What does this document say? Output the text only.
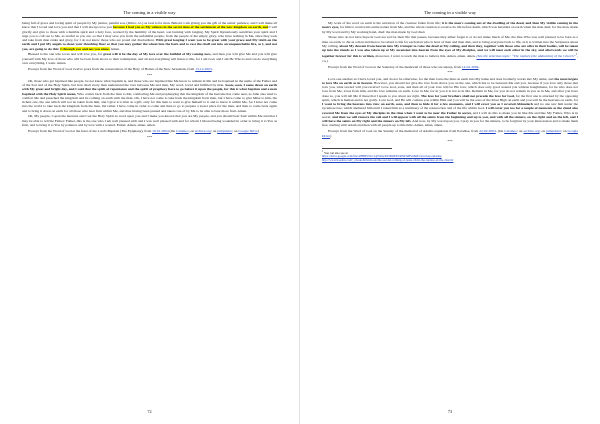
The coming in a visible way

being full of grace and loving spirit of people by My justice, painful son, (Ibíem, r.n.) as God is for man. Behold, I am giving you the gift of the saints' patience, and I will make all know that I loved and love you and that I will always love you because I had you as My witness in the secret time of the settlement of the new kingdom on earth, and I will glorify and give to those with a humble spirit and a holy face, worked by the humility of the heart, son burning with longing. My Spirit mysteriously sanctifies your spirit and I urge you to call out to Me, as tearful as you are, so that I may save you from the unfaithful people, from the people of the empty glory, who have nothing in Me, since they took and take from man ranks and glory, for I do not know those who are proud and disobedient. With great longing I want you to be great with your grace and My truth on the earth and I put My angels to clean your threshing floor so that you may gather the wheat into the barn and to cast the chaff out into an unquenchable fire, as I, and not you, are going to do this: I through you and not you alone. Amen.

Blessed is the one who loves and will love you, for great will it be the day of My love over the faithful of My coming now, and then you will give Me and you will give yourself with My love of those who will be born from above to their redemption, and all and everything will listen to Me, for I am God, and I am He Who is and can do everything over everything. I want. Amen.

Excerpt from the Word of God, twelve years from the consecration of the Holy of Holies of the New Jerusalem, from 13-12-2003.

***

Oh, those who get baptised like people, be not know what baptism is, and those who are baptised like Me know to remain in Me and be baptised in the name of the Father and of the Son and of the Holy Spirit, but how shall every man understand the love between Me and man, My word, loved and fulfilled by man. Soon, soon, I come down on earth with My great and bright day, and I said that the spirit of repentance and the spirit of prophecy have to go before it upon the people, for this is what baptism and a man baptized with the Holy Spirit mean, Who comes back from the man to Me, comforting Me and prophesying that the kingdom of the heavens has come near, as John also used to comfort Me and preached the kingdom and its coming on earth with the man. Oh, I have not come to take back the kingdom from man, but I have come to give Mine to him, the richest one, the one which will not be taken from him, and I give it to him as a gift, only for this man to want to give himself to it and to know it within Me, for I have not come into the world to take back the kingdom from the man, but rather I have come in order to come and then to go to prepare a sweet place for the man, and then to come back again and to bring it down on earth for all those who bear fruit within Me, and thus having been pruned and taken care of by Me to be able to bear more fruit. Amen.

Oh, My people, I open the heavens and I set the Holy Spirit as word upon you and I make you known that you are My people, and you should bear fruit within Me and that I may be able to tell the Father: Father, this is the one who I am well pleased with and I was well pleased with and for whom I labored being wounded in order to bring it to You as fruit, and to bring it to You by patience and by love with a wound, Father. Amen, amen, amen.

Excerpt from the Word of God at the feast of the Lord's Baptism (The Epiphany), from 19-01-2004 (On Calameo; on archive.org; on jumpshare; on Google Drive)

***
72
The coming in a visible way

My work of the word on earth is the salvation of the creature fallen from life; it is the man's coming out of the dwelling of the dead, and then My visible coming in the man's eyes, for him to receive his entire nature from Me, and the whole creation to receive its life before death, which was heralded on earth when the man died, for the man, made by My word and by My working hand, died: the man made by God died.

Those who do not have hope in God are sad for their life that passes, because they either forget it or do not make much of Me, the One Who was well pleased to be born as a man on earth, to die as a man and then to be raised to life for each man who is born of man and then dies, and to bring everyone back to life, as it is written into the Scriptures about My calling, about My descent from heaven into My trumpet to raise the dead at My calling, and then they, together with those who are alive in their bodies, will be taken up into the clouds as I was also taken up at My ascension into heaven from the eyes of My disciples, and we will meet each other in the sky, and afterwards we will be together forever for this is written, moreover, I want to teach the man to believe this. Amen, amen, amen. (See the selection topic: “The rapture (the abduction) of the Church”$^1$, r.n.)

Excerpt from the Word of God on the Saturday of the memorial of those who are asleep, from 14-02-2004.

***

Love one another as I have loved you, and do not be otherwise, for the man loves the man on earth into My name and does brotherly works into My name, and the man forgets to love Me on earth as in heaven. However, you should not give the love from above you on the one, which has to be between Me and you, because if you love only those that love you, what reward will you receive? Love God, sons, and then all of your love will be His love, which does only good around you without haughtiness, for he who does not love from Me, loves from him, and his love remains on earth. Love in Me, for in you it is not as in Me. Remain in Me, for you do not remain in you as in Me, and after you have done so, you will tell Me if these that I speak to you about are right. The love for your brothers shall not precede the love for God, for the first one is attacked by the opposing spirit, which is human and is not godly. Love God, and He will confess you within Him and you will be the sons of the Most High on earth and you will be the heavens on earth, for I want to bring the heavens into view on earth, sons, and then to hide it for a few moments, and I will cover you as I covered Abimelech and no one saw him under the sycamore tree, which sheltered him until I raised him as a testimony of the resurrection and of the life within God. I will cover you too for a couple of moments as the cloud also covered Me from the eyes of My disciples in the time when I went to be near the Father in secret, and I will do this to make you be like Me and like My Father, Who is in secret, and then we will remove the veil and I will appear with all the saints from the beginning and up to you, and with all the sinners, on the right and on the left, and I will have the saints on My right and the sinners on My left. And now, by My word upon you, I pray in you for the sinners, to be forgiven by your intercession and to make them free, starting with Adam and then with all people up to this time. Amen, amen, amen.

Excerpt from the Word of God on the Sunday of the memorial of Adam's expulsion from Paradise, from 22-02-2004. (On Calameo; on archive.org; on jumpshare; on Google Drive)

***
$^1$ You can also see at:
https://drive.google.com/file/d/8BBVNo1LgWPqrX03MdEPURS9TeBVuhM/view?usp=sharing
http://www.baadew.com/_ebook.html/ebook/the-second-coming-of-jesus-christ-the-rapture-of-the-church/
73
